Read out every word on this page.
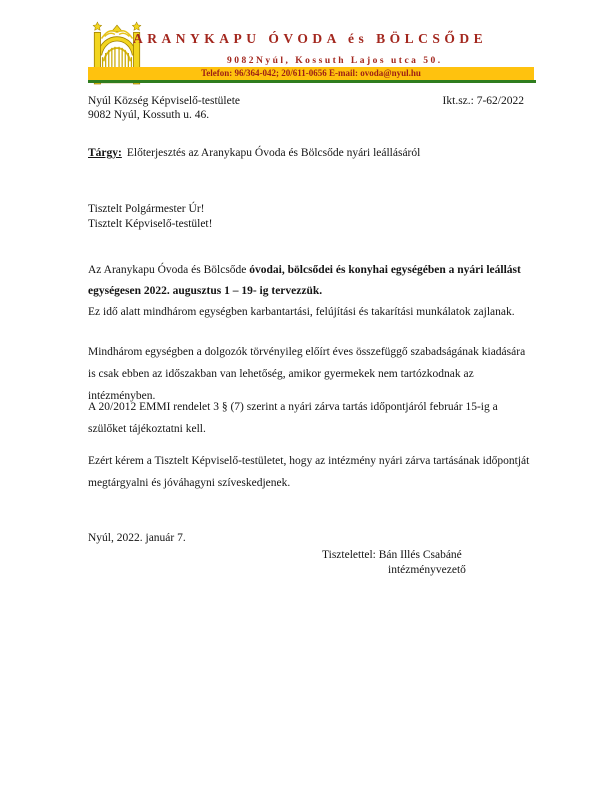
ARANYKAPU ÓVODA és BÖLCSŐDE
9082Nyúl, Kossuth Lajos utca 50.
Telefon: 96/364-042; 20/611-0656 E-mail: ovoda@nyul.hu
Nyúl Község Képviselő-testülete	Ikt.sz.: 7-62/2022
9082 Nyúl, Kossuth u. 46.
Tárgy: Előterjesztés az Aranykapu Óvoda és Bölcsőde nyári leállásáról
Tisztelt Polgármester Úr!
Tisztelt Képviselő-testület!
Az Aranykapu Óvoda és Bölcsőde óvodai, bölcsődei és konyhai egységében a nyári leállást egységesen 2022. augusztus 1 – 19- ig tervezzük.
Ez idő alatt mindhárom egységben karbantartási, felújítási és takarítási munkálatok zajlanak.
Mindhárom egységben a dolgozók törvényileg előírt éves összefüggő szabadságának kiadására is csak ebben az időszakban van lehetőség, amikor gyermekek nem tartózkodnak az intézményben.
A 20/2012 EMMI rendelet 3 § (7) szerint a nyári zárva tartás időpontjáról február 15-ig a szülőket tájékoztatni kell.
Ezért kérem a Tisztelt Képviselő-testületet, hogy az intézmény nyári zárva tartásának időpontját megtárgyalni és jóváhagyni szíveskedjenek.
Nyúl, 2022. január 7.
Tisztelettel: Bán Illés Csabáné
intézményvezető
